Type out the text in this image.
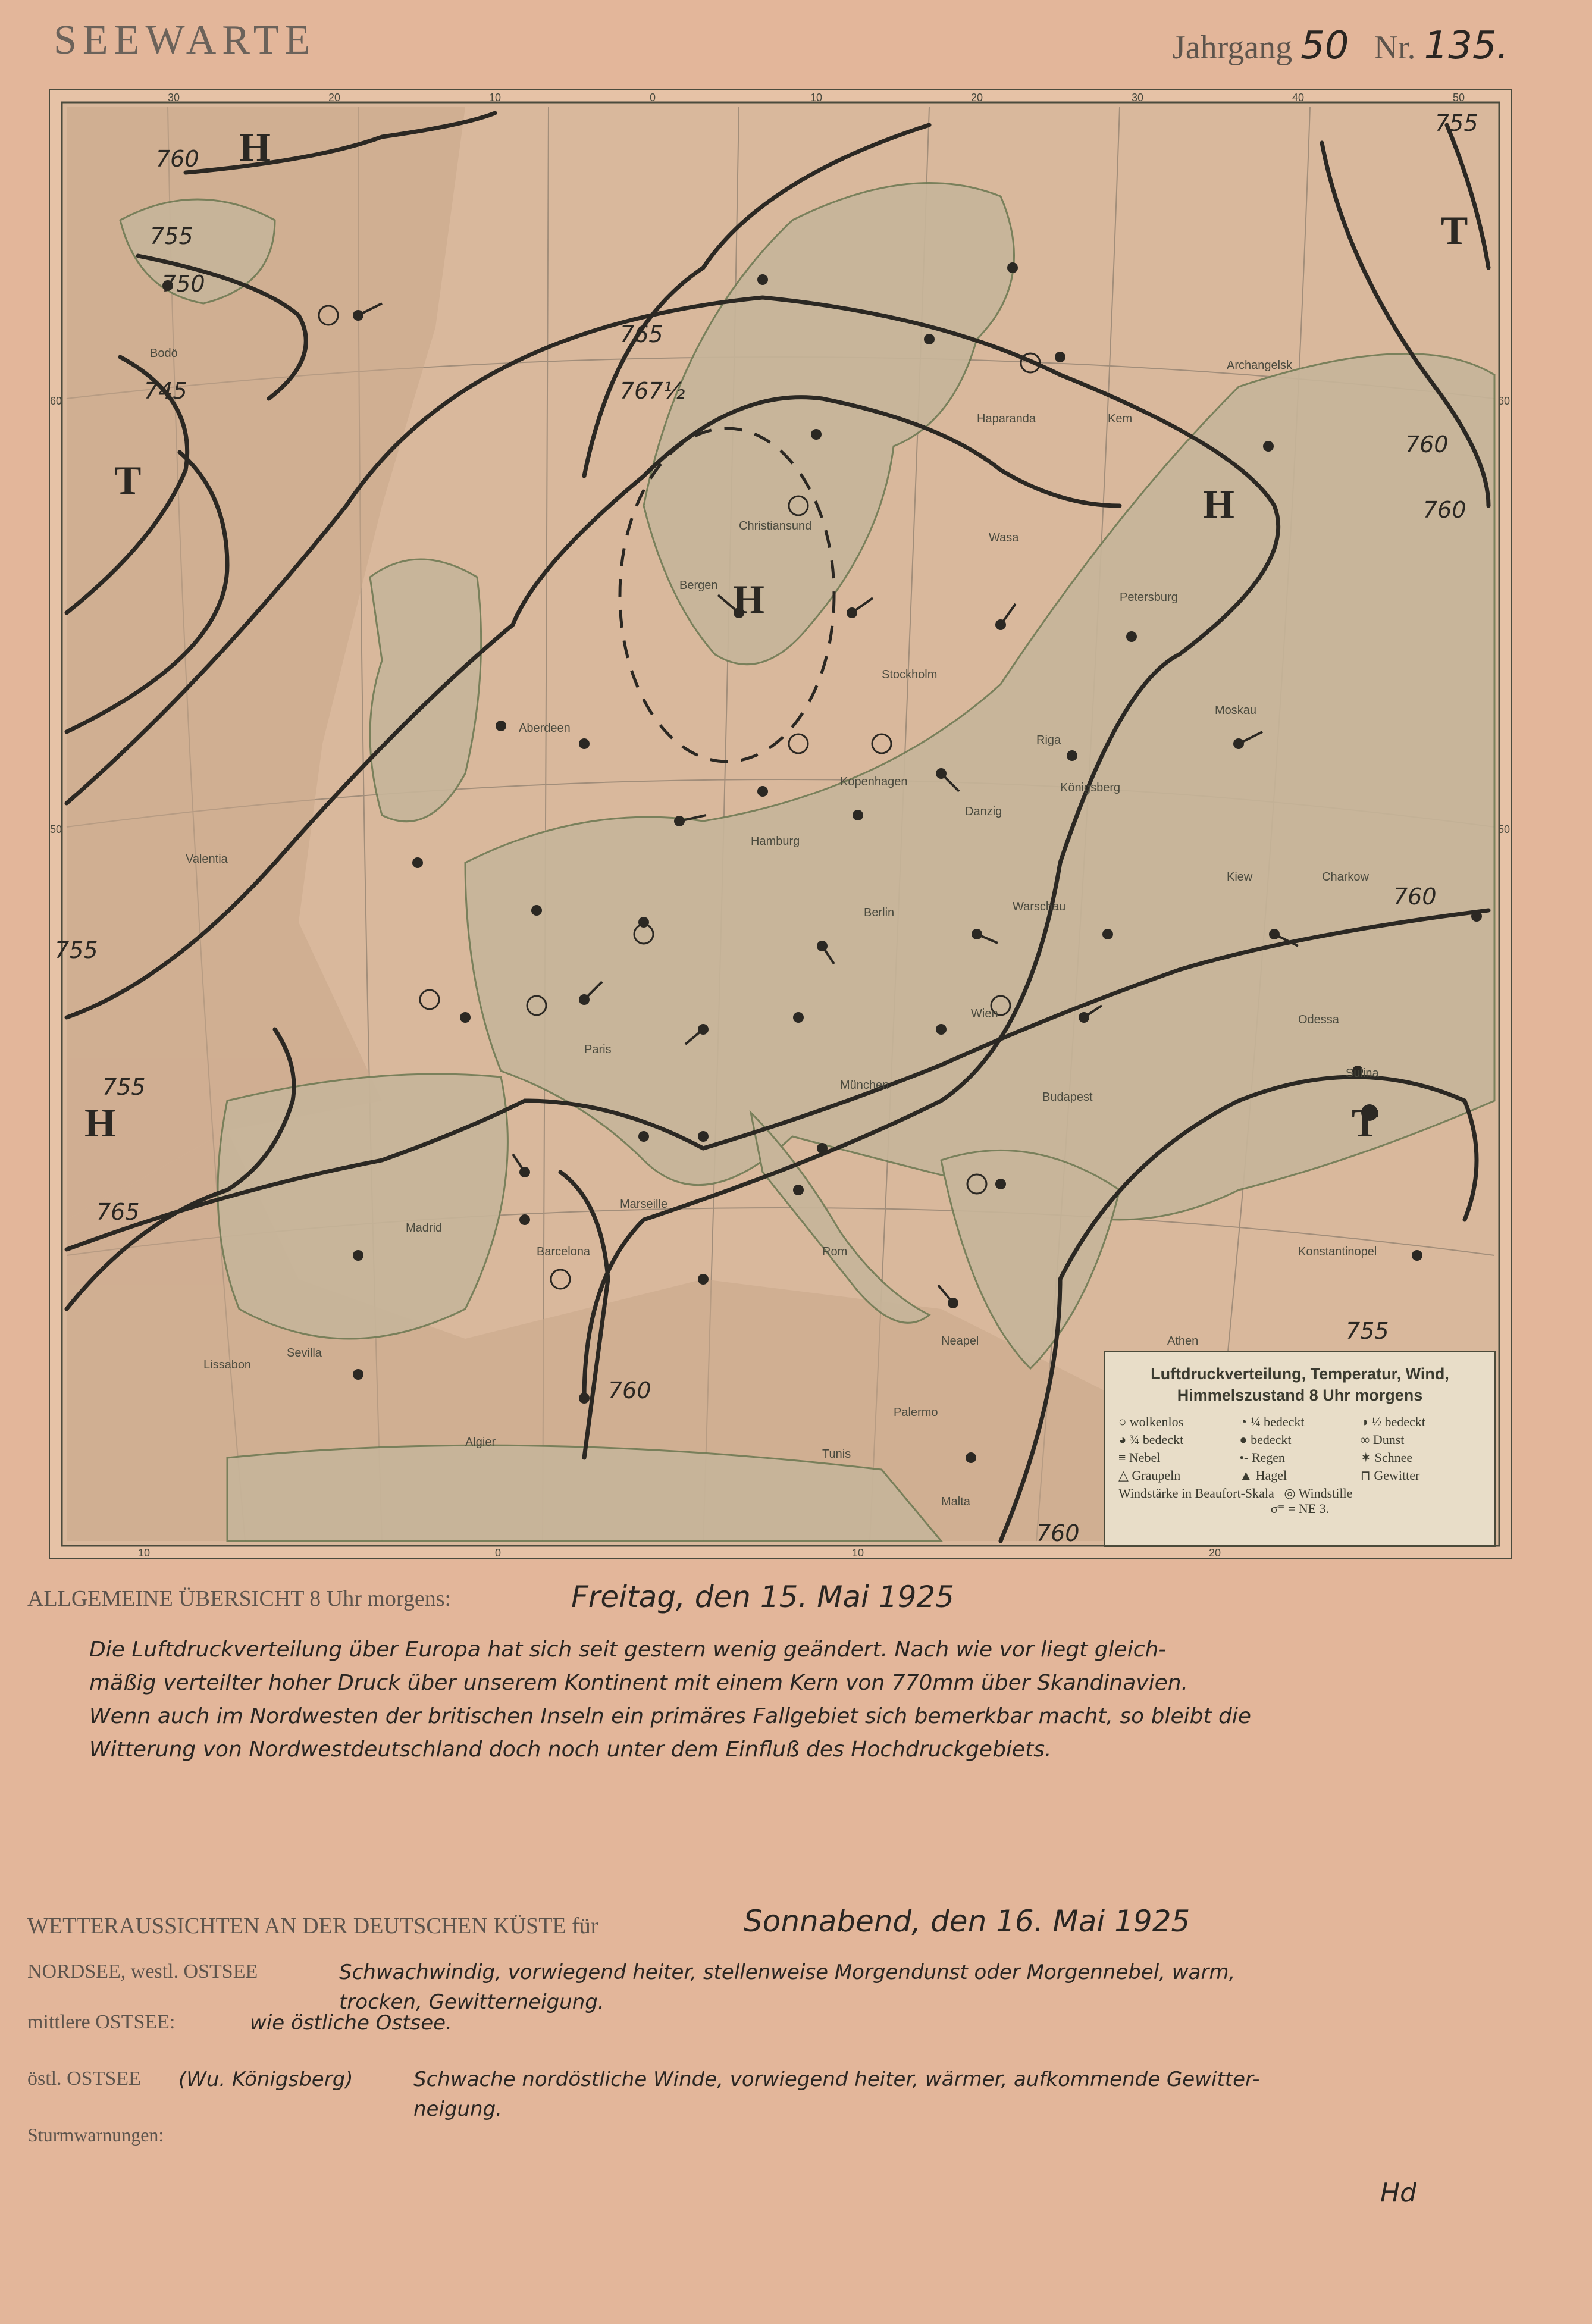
SEEWARTE	Jahrgang 50 Nr. 135.
Bodö
Haparanda	Kem
Archangelsk
Christiansund
Wasa
Petersburg
Stockholm
Riga
Moskau
Kopenhagen
Hamburg
Berlin	Warschau
Kiew
Paris
Wien
Budapest
München
Madrid
Rom	Konstantinopel
Athen
Lissabon
Algier
Tunis
Valentia
Bergen
Aberdeen
Danzig
Königsberg
Charkow
Odessa
Sulina
Sevilla
Barcelona
Marseille
Neapel
Palermo
Malta
760
755
750
745
765
767½
760
755
760
755
760
765
760
760
755
755
H
H
H
T
T
T
H
30	20	10	0	10	20	30	40	50
10	0	10	20
60
50
60
50
Luftdruckverteilung, Temperatur, Wind,
Himmelszustand 8 Uhr morgens
○ wolkenlos	◔ ¼ bedeckt	◑ ½ bedeckt
◕ ¾ bedeckt	● bedeckt	∞ Dunst
≡ Nebel	•- Regen	✶ Schnee
△ Graupeln	▲ Hagel	⊓ Gewitter
Windstärke in Beaufort-Skala ◎ Windstille
σ⁼ = NE 3.
ALLGEMEINE ÜBERSICHT 8 Uhr morgens:	Freitag, den 15. Mai 1925
Die Luftdruckverteilung über Europa hat sich seit gestern wenig geändert. Nach wie vor liegt gleich-
mäßig verteilter hoher Druck über unserem Kontinent mit einem Kern von 770mm über Skandinavien.
Wenn auch im Nordwesten der britischen Inseln ein primäres Fallgebiet sich bemerkbar macht, so bleibt die
Witterung von Nordwestdeutschland doch noch unter dem Einfluß des Hochdruckgebiets.
WETTERAUSSICHTEN AN DER DEUTSCHEN KÜSTE für	Sonnabend, den 16. Mai 1925
NORDSEE, westl. OSTSEE	Schwachwindig, vorwiegend heiter, stellenweise Morgendunst oder Morgennebel, warm,
trocken, Gewitterneigung.
mittlere OSTSEE:	wie östliche Ostsee.
östl. OSTSEE (Wu. Königsberg)	Schwache nordöstliche Winde, vorwiegend heiter, wärmer, aufkommende Gewitter-
neigung.
Sturmwarnungen:
Hd
